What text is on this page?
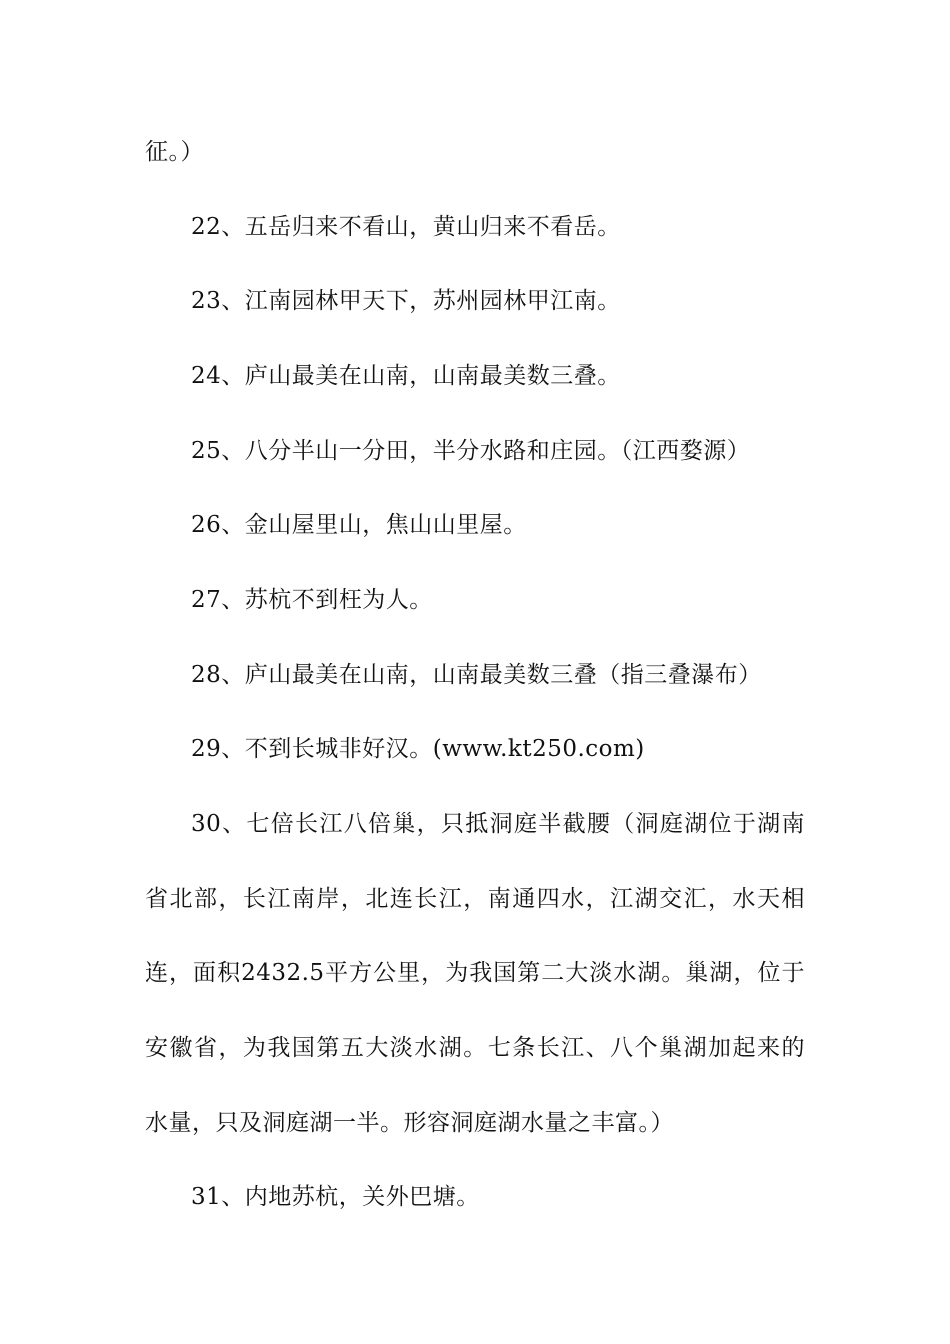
征。）
22、五岳归来不看山，黄山归来不看岳。
23、江南园林甲天下，苏州园林甲江南。
24、庐山最美在山南，山南最美数三叠。
25、八分半山一分田，半分水路和庄园。（江西婺源）
26、金山屋里山，焦山山里屋。
27、苏杭不到枉为人。
28、庐山最美在山南，山南最美数三叠（指三叠瀑布）
29、不到长城非好汉。(www.kt250.com)
30、七倍长江八倍巢，只抵洞庭半截腰（洞庭湖位于湖南
省北部，长江南岸，北连长江，南通四水，江湖交汇，水天相
连，面积2432.5平方公里，为我国第二大淡水湖。巢湖，位于
安徽省，为我国第五大淡水湖。七条长江、八个巢湖加起来的
水量，只及洞庭湖一半。形容洞庭湖水量之丰富。）
31、内地苏杭，关外巴塘。
